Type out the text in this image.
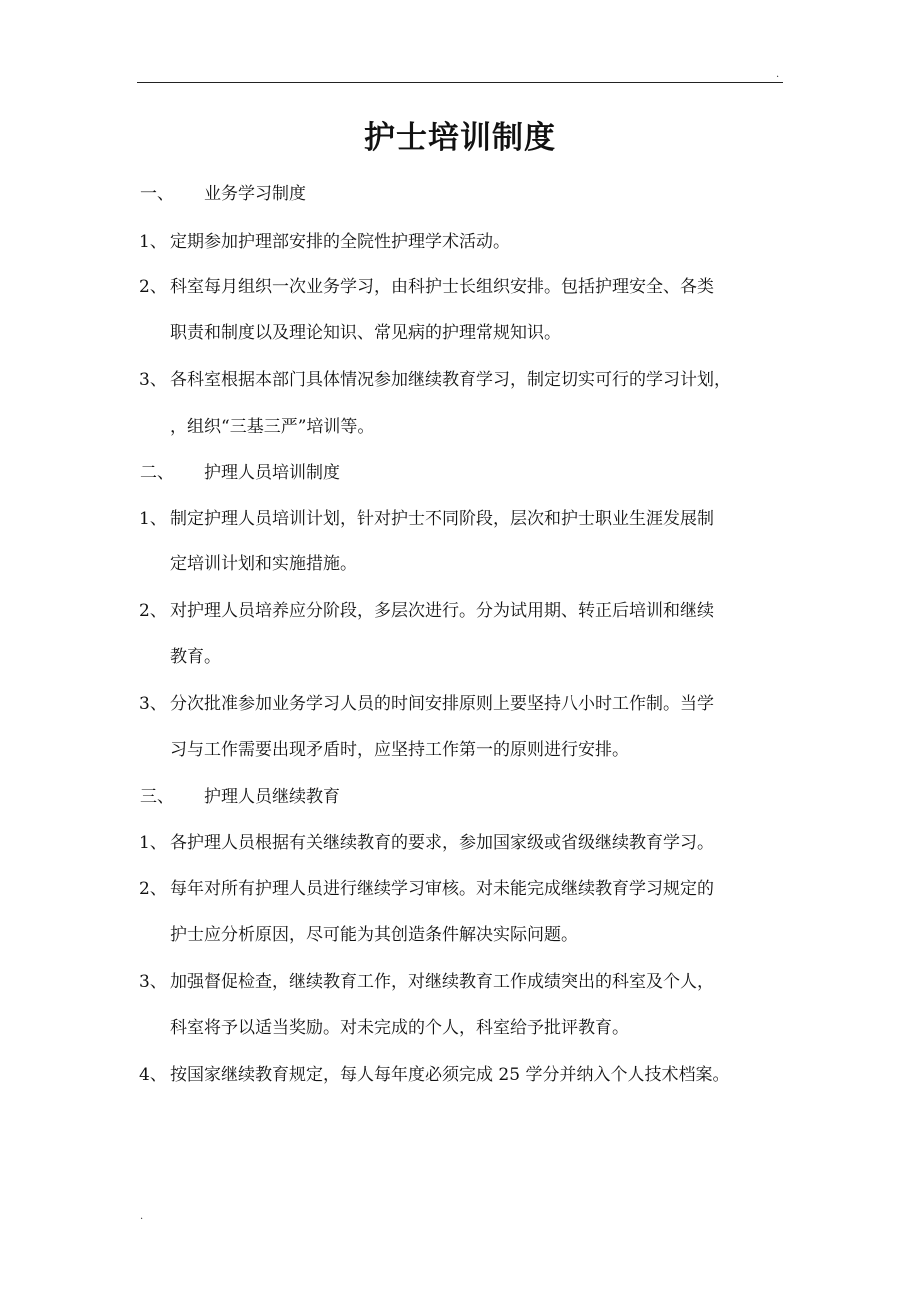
.
护士培训制度
一、 业务学习制度
1、 定期参加护理部安排的全院性护理学术活动。
2、 科室每月组织一次业务学习，由科护士长组织安排。包括护理安全、各类
职责和制度以及理论知识、常见病的护理常规知识。
3、 各科室根据本部门具体情况参加继续教育学习，制定切实可行的学习计划，
，组织“三基三严”培训等。
二、 护理人员培训制度
1、 制定护理人员培训计划，针对护士不同阶段，层次和护士职业生涯发展制
定培训计划和实施措施。
2、 对护理人员培养应分阶段，多层次进行。分为试用期、转正后培训和继续
教育。
3、 分次批准参加业务学习人员的时间安排原则上要坚持八小时工作制。当学
习与工作需要出现矛盾时，应坚持工作第一的原则进行安排。
三、 护理人员继续教育
1、 各护理人员根据有关继续教育的要求，参加国家级或省级继续教育学习。
2、 每年对所有护理人员进行继续学习审核。对未能完成继续教育学习规定的
护士应分析原因，尽可能为其创造条件解决实际问题。
3、 加强督促检查，继续教育工作，对继续教育工作成绩突出的科室及个人，
科室将予以适当奖励。对未完成的个人，科室给予批评教育。
4、 按国家继续教育规定，每人每年度必须完成 25 学分并纳入个人技术档案。
.
